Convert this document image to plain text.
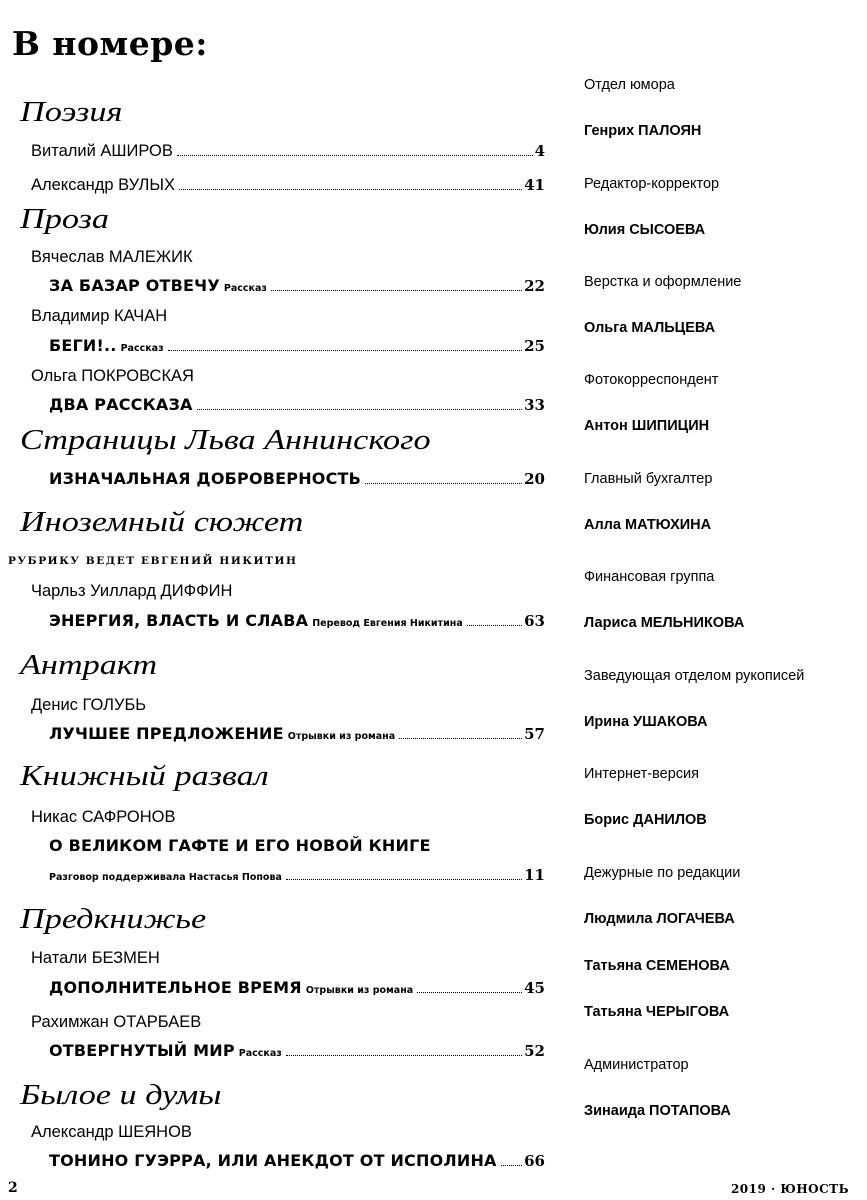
В номере:
Поэзия
Виталий АШИРОВ	4
Александр ВУЛЫХ	41
Проза
Вячеслав МАЛЕЖИК
ЗА БАЗАР ОТВЕЧУ Рассказ	22
Владимир КАЧАН
БЕГИ!.. Рассказ	25
Ольга ПОКРОВСКАЯ
ДВА РАССКАЗА	33
Страницы Льва Аннинского
ИЗНАЧАЛЬНАЯ ДОБРОВЕРНОСТЬ	20
Иноземный сюжет
РУБРИКУ ВЕДЕТ ЕВГЕНИЙ НИКИТИН
Чарльз Уиллард ДИФФИН
ЭНЕРГИЯ, ВЛАСТЬ И СЛАВА Перевод Евгения Никитина	63
Антракт
Денис ГОЛУБЬ
ЛУЧШЕЕ ПРЕДЛОЖЕНИЕ Отрывки из романа	57
Книжный развал
Никас САФРОНОВ
О ВЕЛИКОМ ГАФТЕ И ЕГО НОВОЙ КНИГЕ
Разговор поддерживала Настасья Попова	11
Предкнижье
Натали БЕЗМЕН
ДОПОЛНИТЕЛЬНОЕ ВРЕМЯ Отрывки из романа	45
Рахимжан ОТАРБАЕВ
ОТВЕРГНУТЫЙ МИР Рассказ	52
Былое и думы
Александр ШЕЯНОВ
ТОНИНО ГУЭРРА, ИЛИ АНЕКДОТ ОТ ИСПОЛИНА 66
Отдел юмора
Генрих ПАЛОЯН
Редактор-корректор
Юлия СЫСОЕВА
Верстка и оформление
Ольга МАЛЬЦЕВА
Фотокорреспондент
Антон ШИПИЦИН
Главный бухгалтер
Алла МАТЮХИНА
Финансовая группа
Лариса МЕЛЬНИКОВА
Заведующая отделом рукописей
Ирина УШАКОВА
Интернет-версия
Борис ДАНИЛОВ
Дежурные по редакции
Людмила ЛОГАЧЕВА
Татьяна СЕМЕНОВА
Татьяна ЧЕРЫГОВА
Администратор
Зинаида ПОТАПОВА
2	2019 · ЮНОСТЬ
